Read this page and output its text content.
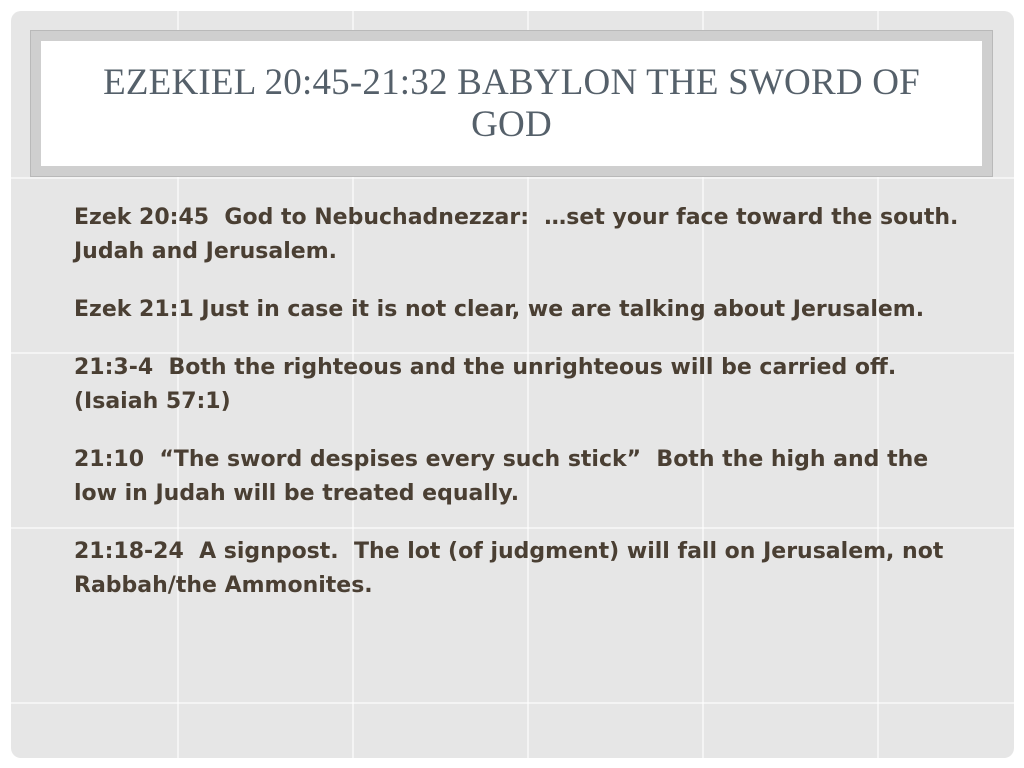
EZEKIEL 20:45-21:32 BABYLON THE SWORD OF GOD

Ezek 20:45  God to Nebuchadnezzar:  …set your face toward the south.   Judah and Jerusalem.

Ezek 21:1 Just in case it is not clear, we are talking about Jerusalem.

21:3-4  Both the righteous and the unrighteous will be carried off. (Isaiah 57:1)

21:10  “The sword despises every such stick”  Both the high and the low in Judah will be treated equally.

21:18-24  A signpost.  The lot (of judgment) will fall on Jerusalem, not Rabbah/the Ammonites.
